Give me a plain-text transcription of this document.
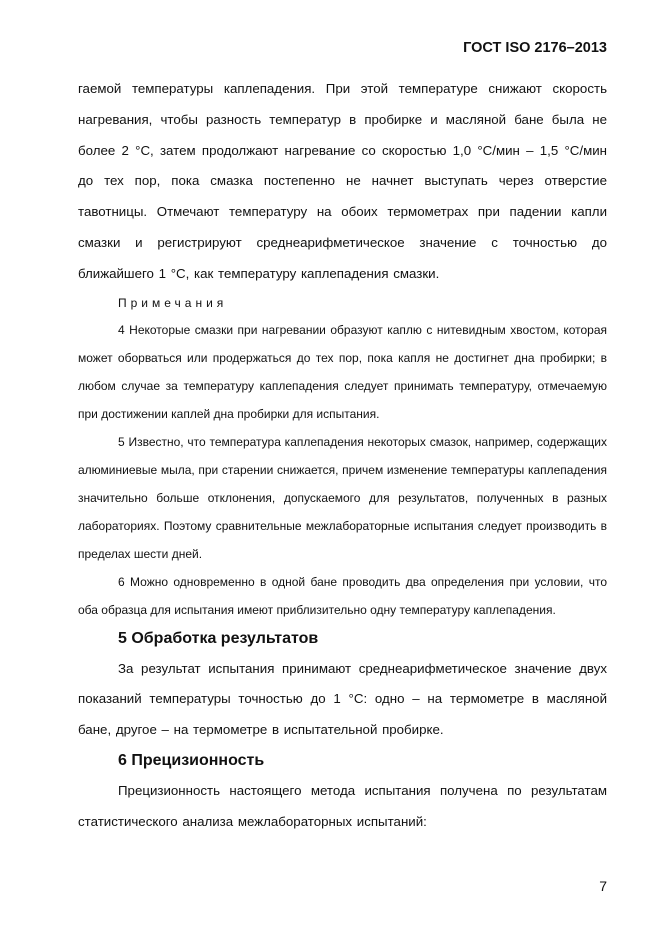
ГОСТ ISO 2176–2013

гаемой температуры каплепадения. При этой температуре снижают скорость нагревания, чтобы разность температур в пробирке и масляной бане была не более 2 °C, затем продолжают нагревание со скоростью 1,0 °C/мин – 1,5 °C/мин до тех пор, пока смазка постепенно не начнет выступать через отверстие тавотницы. Отмечают температуру на обоих термометрах при падении капли смазки и регистрируют среднеарифметическое значение с точностью до ближайшего 1 °C, как температуру каплепадения смазки.

Примечания

4 Некоторые смазки при нагревании образуют каплю с нитевидным хвостом, которая может оборваться или продержаться до тех пор, пока капля не достигнет дна пробирки; в любом случае за температуру каплепадения следует принимать температуру, отмечаемую при достижении каплей дна пробирки для испытания.

5 Известно, что температура каплепадения некоторых смазок, например, содержащих алюминиевые мыла, при старении снижается, причем изменение температуры каплепадения значительно больше отклонения, допускаемого для результатов, полученных в разных лабораториях. Поэтому сравнительные межлабораторные испытания следует производить в пределах шести дней.

6 Можно одновременно в одной бане проводить два определения при условии, что оба образца для испытания имеют приблизительно одну температуру каплепадения.

5 Обработка результатов

За результат испытания принимают среднеарифметическое значение двух показаний температуры точностью до 1 °C: одно – на термометре в масляной бане, другое – на термометре в испытательной пробирке.

6 Прецизионность

Прецизионность настоящего метода испытания получена по результатам статистического анализа межлабораторных испытаний:

7
